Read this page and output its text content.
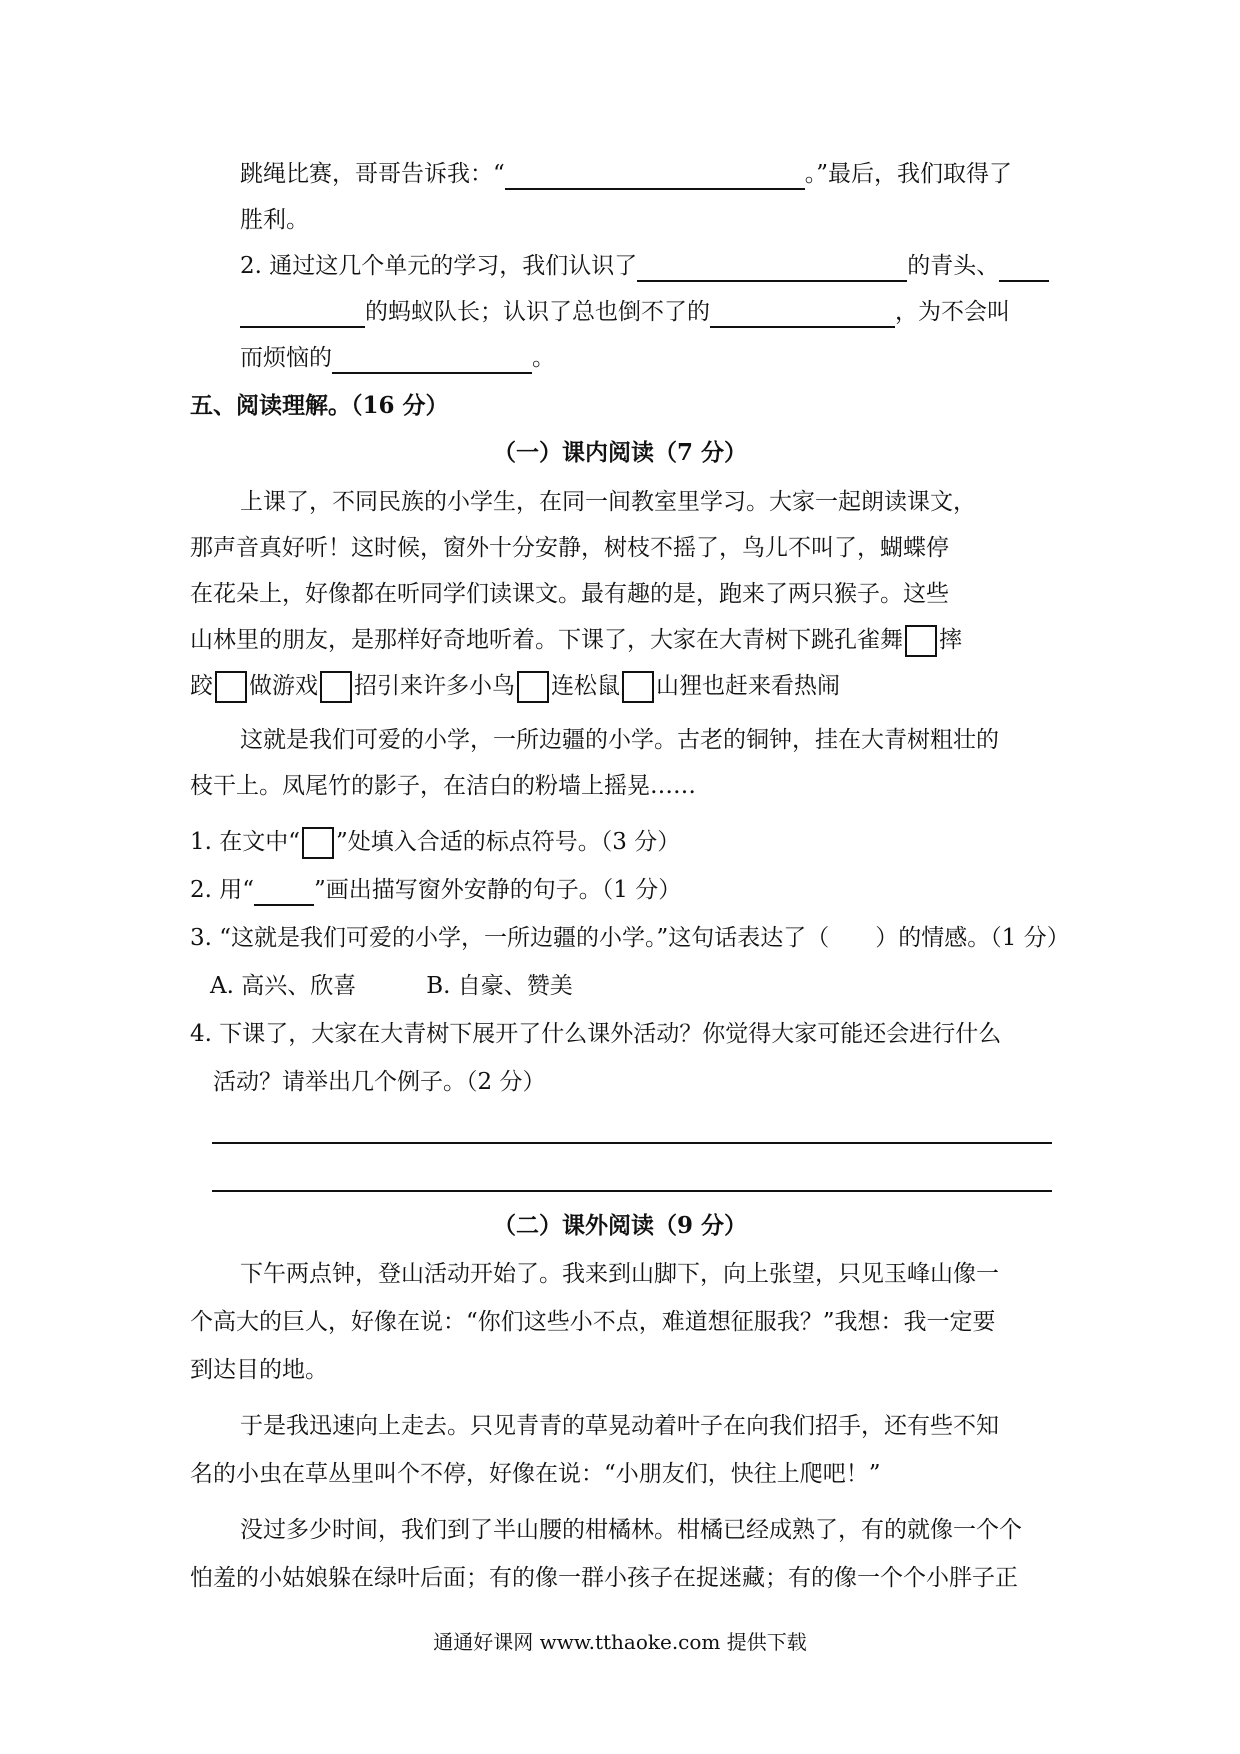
跳绳比赛，哥哥告诉我：“	。”最后，我们取得了
胜利。
2. 通过这几个单元的学习，我们认识了	的青头、
的蚂蚁队长；认识了总也倒不了的	，为不会叫
而烦恼的	。
五、阅读理解。（16 分）
（一）课内阅读（7 分）
上课了，不同民族的小学生，在同一间教室里学习。大家一起朗读课文，
那声音真好听！这时候，窗外十分安静，树枝不摇了，鸟儿不叫了，蝴蝶停
在花朵上，好像都在听同学们读课文。最有趣的是，跑来了两只猴子。这些
山林里的朋友，是那样好奇地听着。下课了，大家在大青树下跳孔雀舞 摔
跤 做游戏 招引来许多小鸟 连松鼠 山狸也赶来看热闹
这就是我们可爱的小学，一所边疆的小学。古老的铜钟，挂在大青树粗壮的
枝干上。凤尾竹的影子，在洁白的粉墙上摇晃……
1. 在文中“ ”处填入合适的标点符号。（3 分）
2. 用“	”画出描写窗外安静的句子。（1 分）
3. “这就是我们可爱的小学，一所边疆的小学。”这句话表达了（　　）的情感。（1 分）
A. 高兴、欣喜	B. 自豪、赞美
4. 下课了，大家在大青树下展开了什么课外活动？你觉得大家可能还会进行什么
活动？请举出几个例子。（2 分）
（二）课外阅读（9 分）
下午两点钟，登山活动开始了。我来到山脚下，向上张望，只见玉峰山像一
个高大的巨人，好像在说：“你们这些小不点，难道想征服我？”我想：我一定要
到达目的地。
于是我迅速向上走去。只见青青的草晃动着叶子在向我们招手，还有些不知
名的小虫在草丛里叫个不停，好像在说：“小朋友们，快往上爬吧！”
没过多少时间，我们到了半山腰的柑橘林。柑橘已经成熟了，有的就像一个个
怕羞的小姑娘躲在绿叶后面；有的像一群小孩子在捉迷藏；有的像一个个小胖子正
通通好课网 www.tthaoke.com 提供下载
